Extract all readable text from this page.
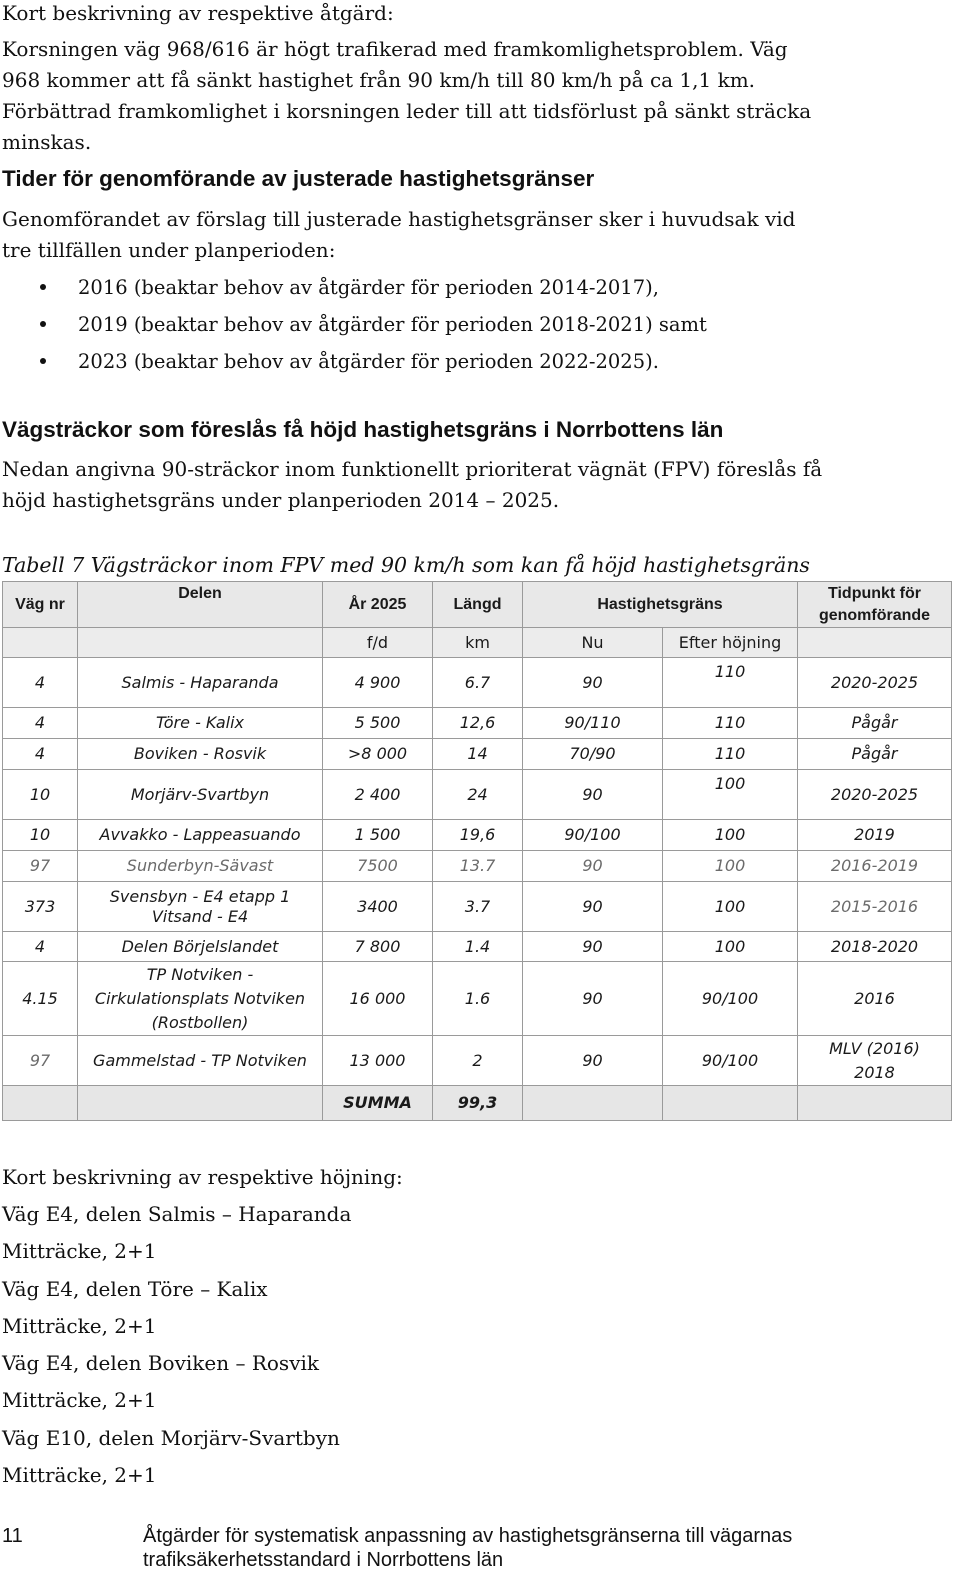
Kort beskrivning av respektive åtgärd:
Korsningen väg 968/616 är högt trafikerad med framkomlighetsproblem. Väg 968 kommer att få sänkt hastighet från 90 km/h till 80 km/h på ca 1,1 km. Förbättrad framkomlighet i korsningen leder till att tidsförlust på sänkt sträcka minskas.
Tider för genomförande av justerade hastighetsgränser
Genomförandet av förslag till justerade hastighetsgränser sker i huvudsak vid tre tillfällen under planperioden:
2016 (beaktar behov av åtgärder för perioden 2014-2017),
2019 (beaktar behov av åtgärder för perioden 2018-2021) samt
2023 (beaktar behov av åtgärder för perioden 2022-2025).
Vägsträckor som föreslås få höjd hastighetsgräns i Norrbottens län
Nedan angivna 90-sträckor inom funktionellt prioriterat vägnät (FPV) föreslås få höjd hastighetsgräns under planperioden 2014 – 2025.
Tabell 7 Vägsträckor inom FPV med 90 km/h som kan få höjd hastighetsgräns
Väg nr	Delen	År 2025	Längd	Hastighetsgräns		Tidpunkt för genomförande
		f/d	km	Nu	Efter höjning	
4	Salmis - Haparanda	4 900	6.7	90	110	2020-2025
4	Töre - Kalix	5 500	12,6	90/110	110	Pågår
4	Boviken - Rosvik	>8 000	14	70/90	110	Pågår
10	Morjärv-Svartbyn	2 400	24	90	100	2020-2025
10	Avvakko - Lappeasuando	1 500	19,6	90/100	100	2019
97	Sunderbyn-Sävast	7500	13.7	90	100	2016-2019
373	Svensbyn - E4 etapp 1 Vitsand - E4	3400	3.7	90	100	2015-2016
4	Delen Börjelslandet	7 800	1.4	90	100	2018-2020
4.15	TP Notviken - Cirkulationsplats Notviken (Rostbollen)	16 000	1.6	90	90/100	2016
97	Gammelstad - TP Notviken	13 000	2	90	90/100	MLV (2016) 2018
		SUMMA	99,3			
Kort beskrivning av respektive höjning:
Väg E4, delen Salmis – Haparanda
Mitträcke, 2+1
Väg E4, delen Töre – Kalix
Mitträcke, 2+1
Väg E4, delen Boviken – Rosvik
Mitträcke, 2+1
Väg E10, delen Morjärv-Svartbyn
Mitträcke, 2+1
11	Åtgärder för systematisk anpassning av hastighetsgränserna till vägarnas trafiksäkerhetsstandard i Norrbottens län
